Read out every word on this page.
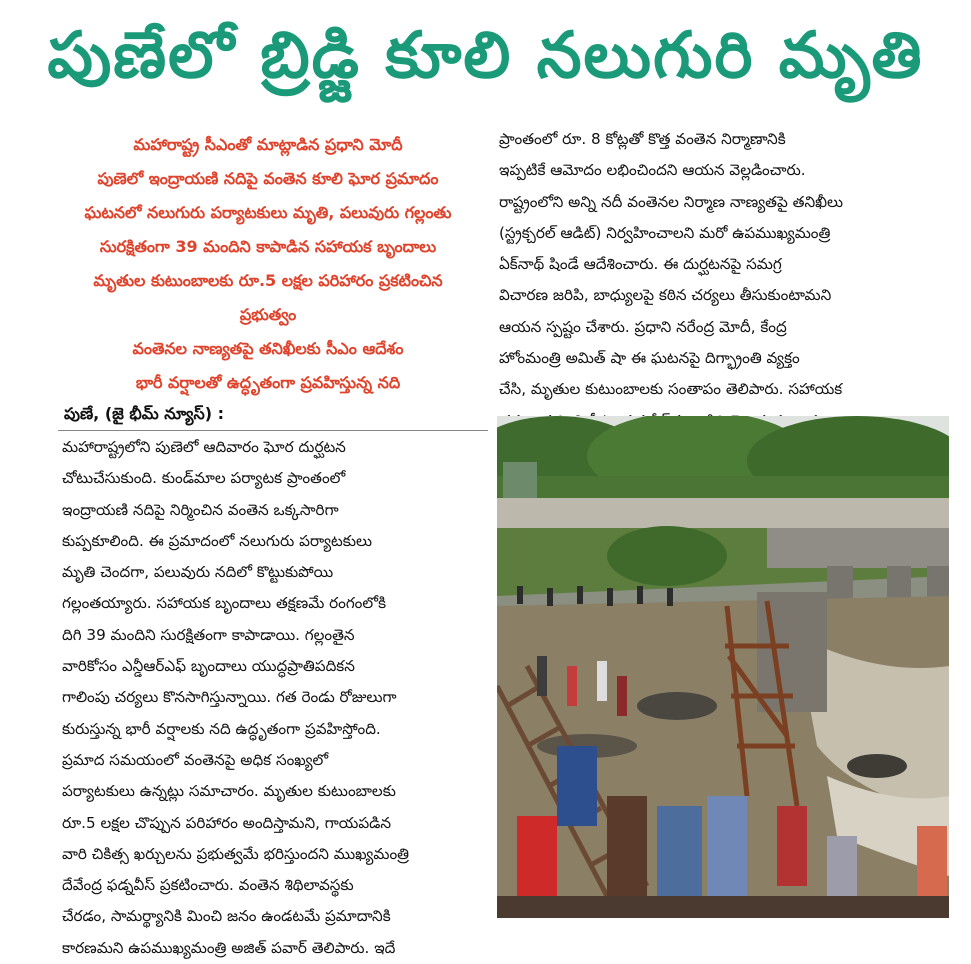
పుణేలో బ్రిడ్జి కూలి నలుగురి మృతి
మహారాష్ట్ర సీఎంతో మాట్లాడిన ప్రధాని మోదీ
పుణెలో ఇంద్రాయణి నదిపై వంతెన కూలి ఘోర ప్రమాదం
ఘటనలో నలుగురు పర్యాటకులు మృతి, పలువురు గల్లంతు
సురక్షితంగా 39 మందిని కాపాడిన సహాయక బృందాలు
మృతుల కుటుంబాలకు రూ.5 లక్షల పరిహారం ప్రకటించిన
ప్రభుత్వం
వంతెనల నాణ్యతపై తనిఖీలకు సీఎం ఆదేశం
భారీ వర్షాలతో ఉద్ధృతంగా ప్రవహిస్తున్న నది
పుణే, (జై భీమ్ న్యూస్) :
మహారాష్ట్రలోని పుణెలో ఆదివారం ఘోర దుర్ఘటన
చోటుచేసుకుంది. కుండ్‌మాల పర్యాటక ప్రాంతంలో
ఇంద్రాయణి నదిపై నిర్మించిన వంతెన ఒక్కసారిగా
కుప్పకూలింది. ఈ ప్రమాదంలో నలుగురు పర్యాటకులు
మృతి చెందగా, పలువురు నదిలో కొట్టుకుపోయి
గల్లంతయ్యారు. సహాయక బృందాలు తక్షణమే రంగంలోకి
దిగి 39 మందిని సురక్షితంగా కాపాడాయి. గల్లంతైన
వారికోసం ఎన్డీఆర్ఎఫ్ బృందాలు యుద్ధప్రాతిపదికన
గాలింపు చర్యలు కొనసాగిస్తున్నాయి. గత రెండు రోజులుగా
కురుస్తున్న భారీ వర్షాలకు నది ఉద్ధృతంగా ప్రవహిస్తోంది.
ప్రమాద సమయంలో వంతెనపై అధిక సంఖ్యలో
పర్యాటకులు ఉన్నట్లు సమాచారం. మృతుల కుటుంబాలకు
రూ.5 లక్షల చొప్పున పరిహారం అందిస్తామని, గాయపడిన
వారి చికిత్స ఖర్చులను ప్రభుత్వమే భరిస్తుందని ముఖ్యమంత్రి
దేవేంద్ర ఫడ్నవీస్ ప్రకటించారు. వంతెన శిథిలావస్థకు
చేరడం, సామర్థ్యానికి మించి జనం ఉండటమే ప్రమాదానికి
కారణమని ఉపముఖ్యమంత్రి అజిత్ పవార్ తెలిపారు. ఇదే
ప్రాంతంలో రూ. 8 కోట్లతో కొత్త వంతెన నిర్మాణానికి
ఇప్పటికే ఆమోదం లభించిందని ఆయన వెల్లడించారు.
రాష్ట్రంలోని అన్ని నదీ వంతెనల నిర్మాణ నాణ్యతపై తనిఖీలు
(స్ట్రక్చరల్ ఆడిట్) నిర్వహించాలని మరో ఉపముఖ్యమంత్రి
ఏక్‌నాథ్ షిండే ఆదేశించారు. ఈ దుర్ఘటనపై సమగ్ర
విచారణ జరిపి, బాధ్యులపై కఠిన చర్యలు తీసుకుంటామని
ఆయన స్పష్టం చేశారు. ప్రధాని నరేంద్ర మోదీ, కేంద్ర
హోంమంత్రి అమిత్ షా ఈ ఘటనపై దిగ్భ్రాంతి వ్యక్తం
చేసి, మృతుల కుటుంబాలకు సంతాపం తెలిపారు. సహాయక
